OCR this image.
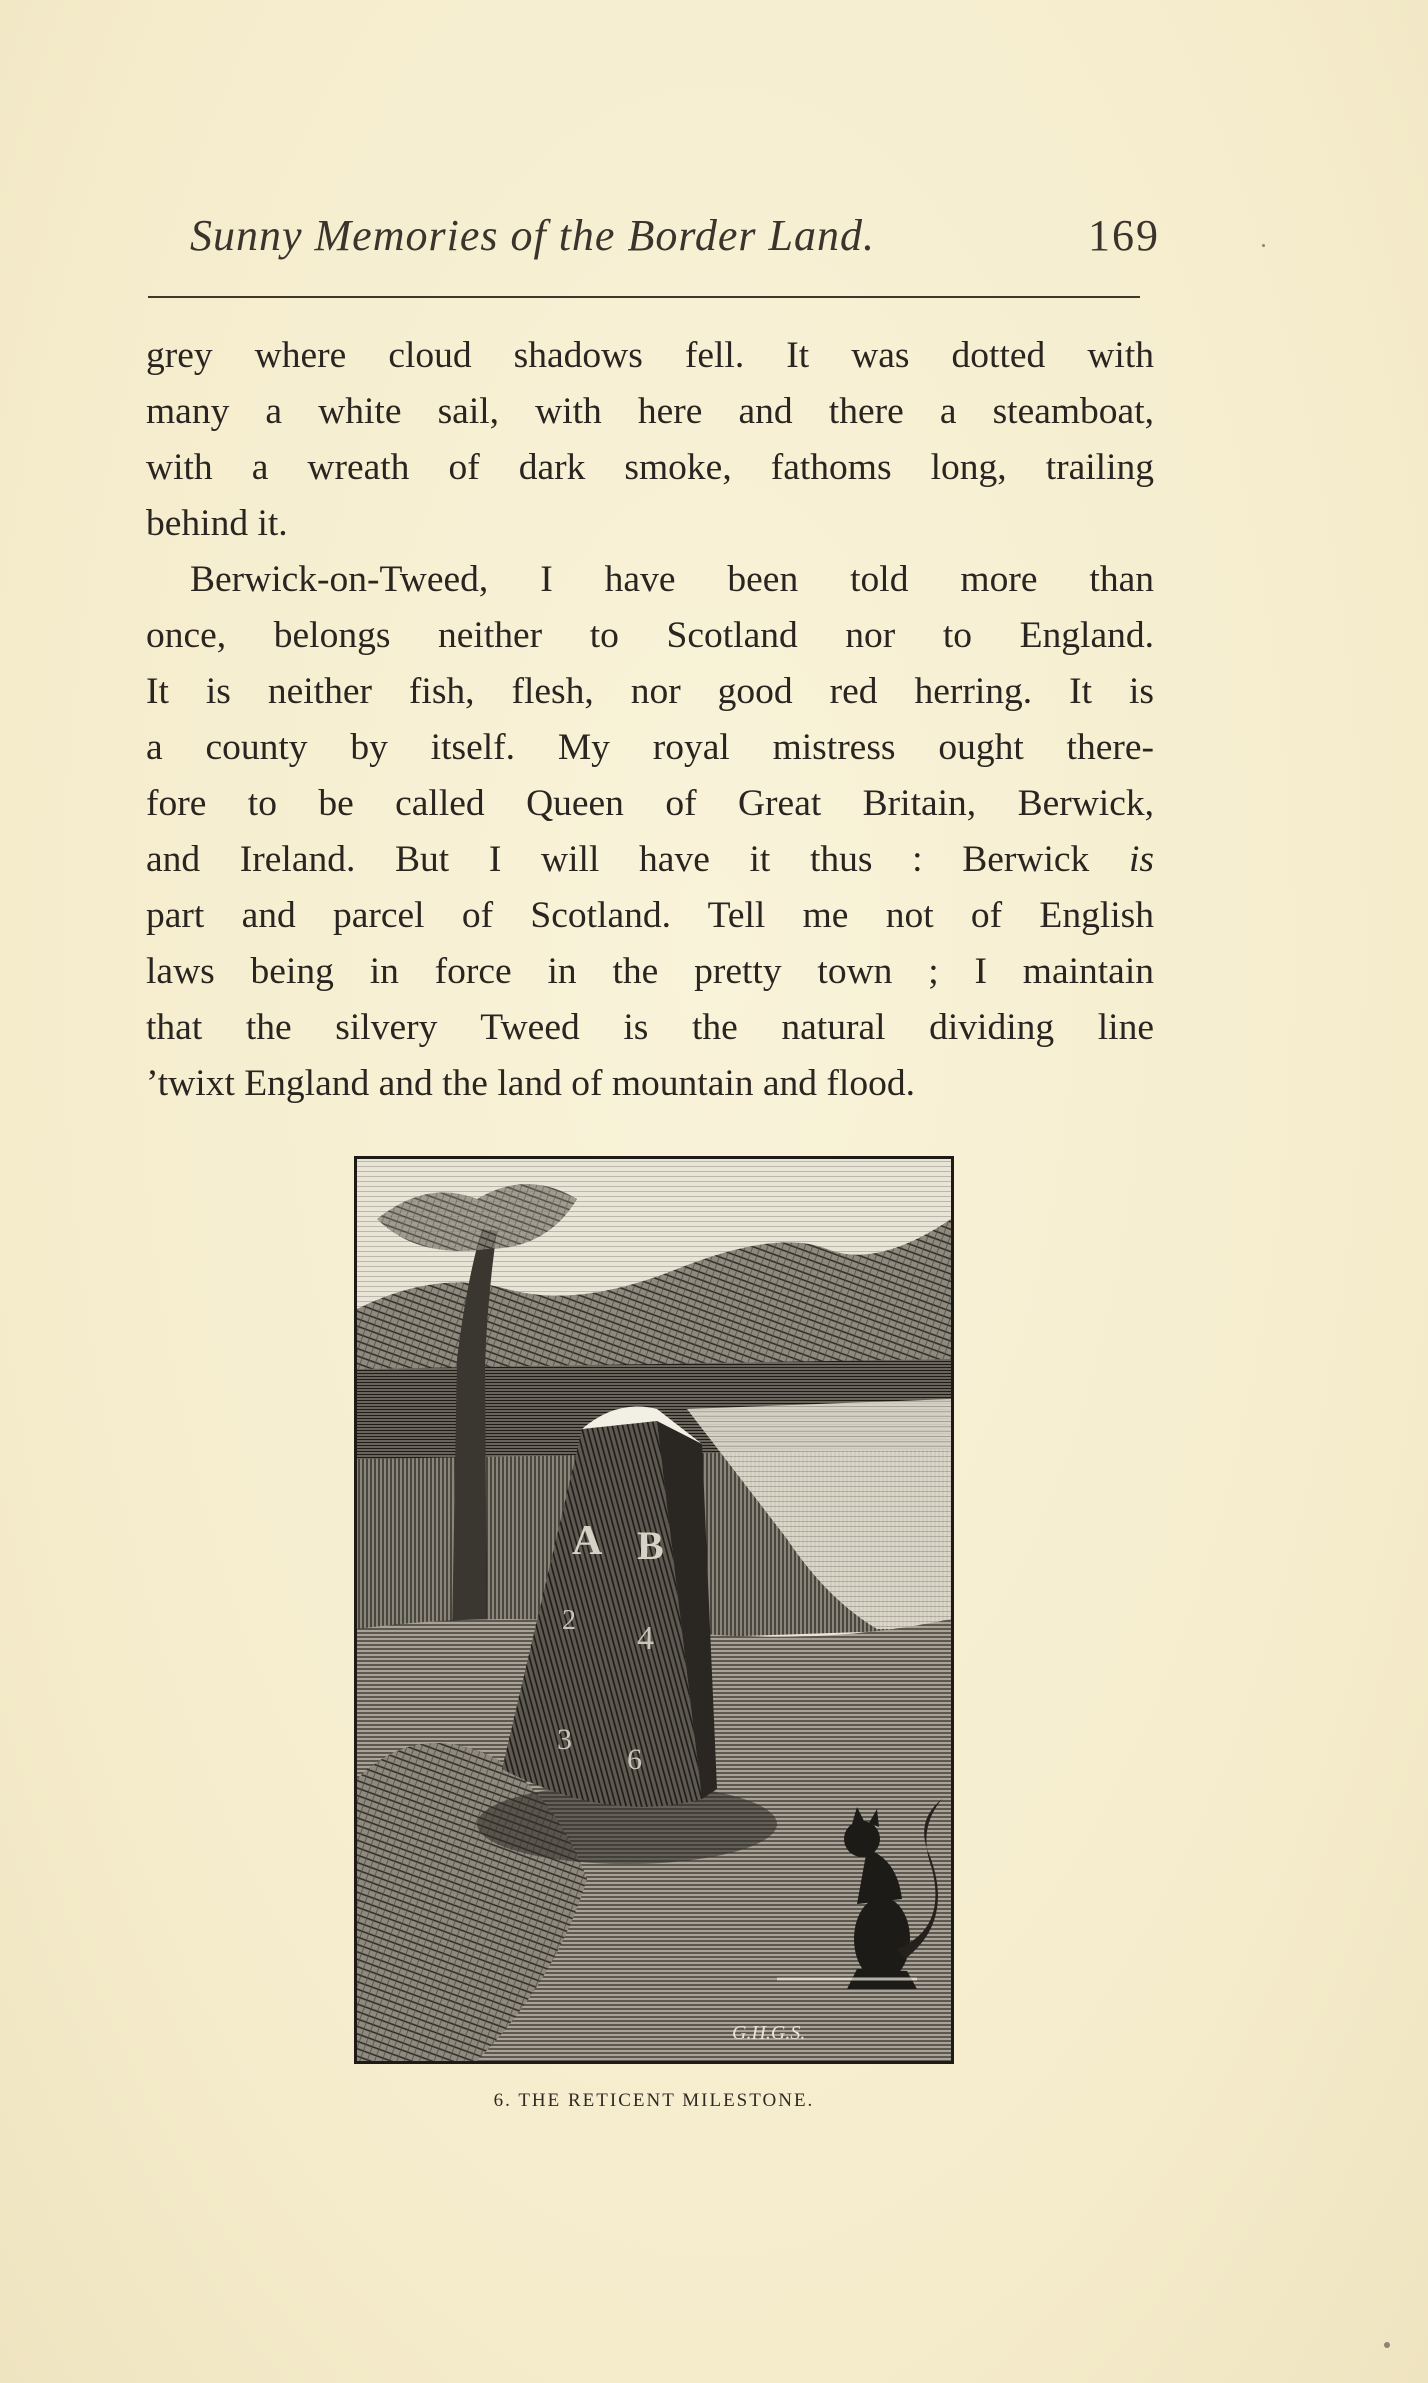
Sunny Memories of the Border Land.	169
grey where cloud shadows fell. It was dotted with
many a white sail, with here and there a steamboat,
with a wreath of dark smoke, fathoms long, trailing
behind it.
Berwick-on-Tweed, I have been told more than
once, belongs neither to Scotland nor to England.
It is neither fish, flesh, nor good red herring. It is
a county by itself. My royal mistress ought there-
fore to be called Queen of Great Britain, Berwick,
and Ireland. But I will have it thus : Berwick is
part and parcel of Scotland. Tell me not of English
laws being in force in the pretty town ; I maintain
that the silvery Tweed is the natural dividing line
’twixt England and the land of mountain and flood.
A B
2 4
3
6
G.H.G.S.
6. THE RETICENT MILESTONE.
